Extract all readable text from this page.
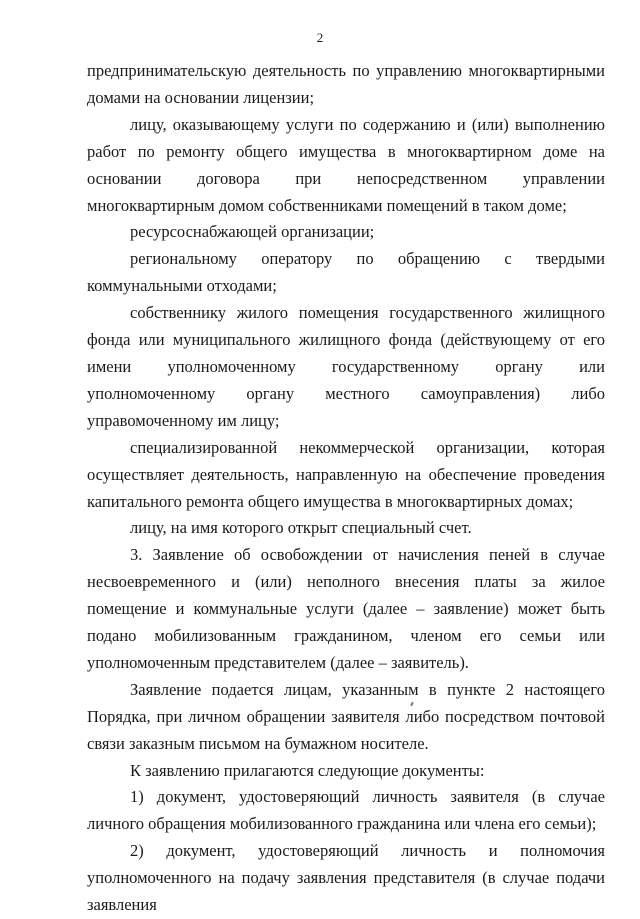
2

предпринимательскую деятельность по управлению многоквартирными домами на основании лицензии;

лицу, оказывающему услуги по содержанию и (или) выполнению работ по ремонту общего имущества в многоквартирном доме на основании договора при непосредственном управлении многоквартирным домом собственниками помещений в таком доме;

ресурсоснабжающей организации;

региональному оператору по обращению с твердыми коммунальными отходами;

собственнику жилого помещения государственного жилищного фонда или муниципального жилищного фонда (действующему от его имени уполномоченному государственному органу или уполномоченному органу местного самоуправления) либо управомоченному им лицу;

специализированной некоммерческой организации, которая осуществляет деятельность, направленную на обеспечение проведения капитального ремонта общего имущества в многоквартирных домах;

лицу, на имя которого открыт специальный счет.

3. Заявление об освобождении от начисления пеней в случае несвоевременного и (или) неполного внесения платы за жилое помещение и коммунальные услуги (далее – заявление) может быть подано мобилизованным гражданином, членом его семьи или уполномоченным представителем (далее – заявитель).

Заявление подается лицам, указанным в пункте 2 настоящего Порядка, при личном обращении заявителя либо посредством почтовой связи заказным письмом на бумажном носителе.

К заявлению прилагаются следующие документы:

1) документ, удостоверяющий личность заявителя (в случае личного обращения мобилизованного гражданина или члена его семьи);

2) документ, удостоверяющий личность и полномочия уполномоченного на подачу заявления представителя (в случае подачи заявления
